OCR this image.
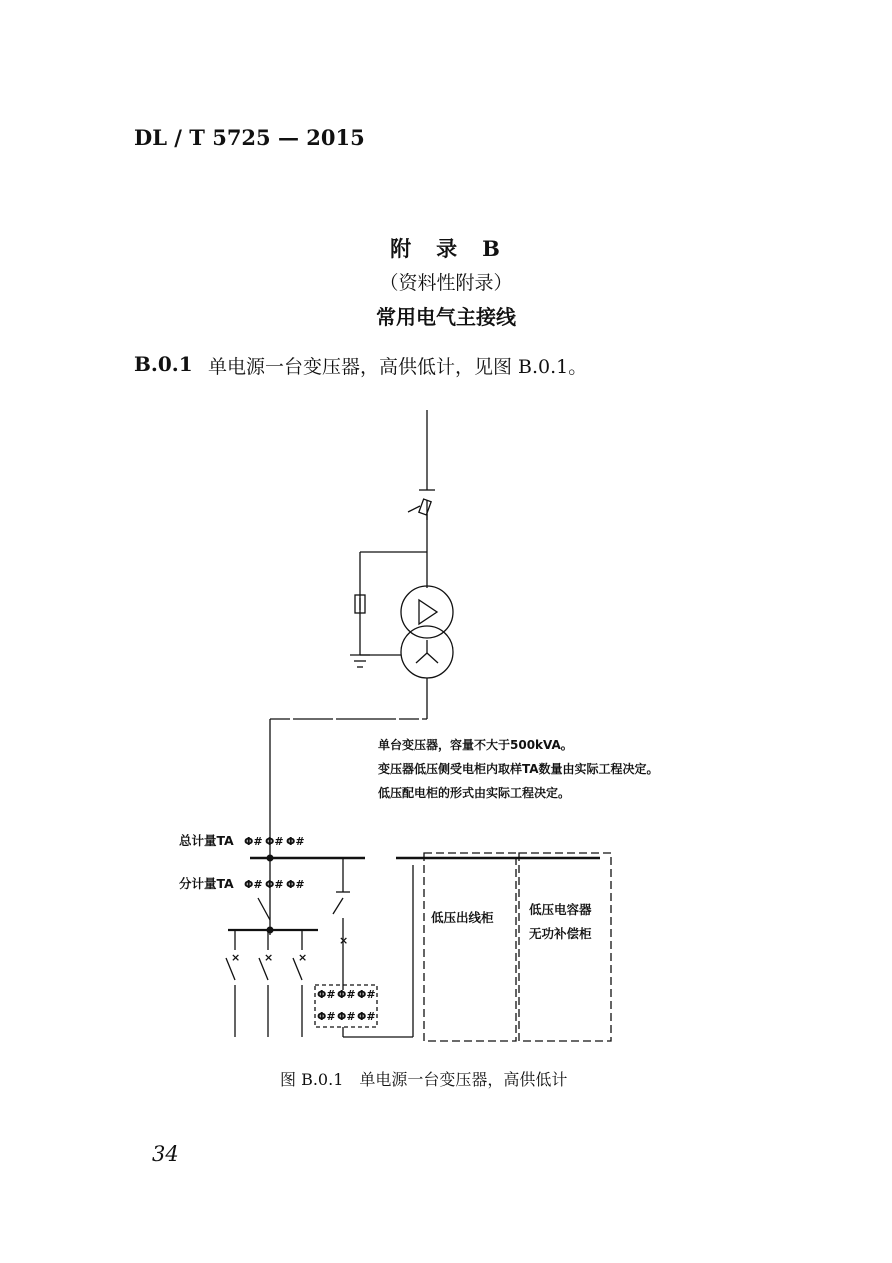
DL / T 5725 — 2015
附　录　B
（资料性附录）
常用电气主接线
B.0.1 单电源一台变压器，高供低计，见图 B.0.1。
× × ×
×
单台变压器，容量不大于500kVA。
变压器低压侧受电柜内取样TA数量由实际工程决定。
低压配电柜的形式由实际工程决定。
总计量TA Φ# Φ# Φ#
分计量TA Φ# Φ# Φ#
Φ# Φ# Φ#
Φ# Φ# Φ#
低压出线柜
低压电容器
无功补偿柜
图 B.0.1　单电源一台变压器，高供低计
34
